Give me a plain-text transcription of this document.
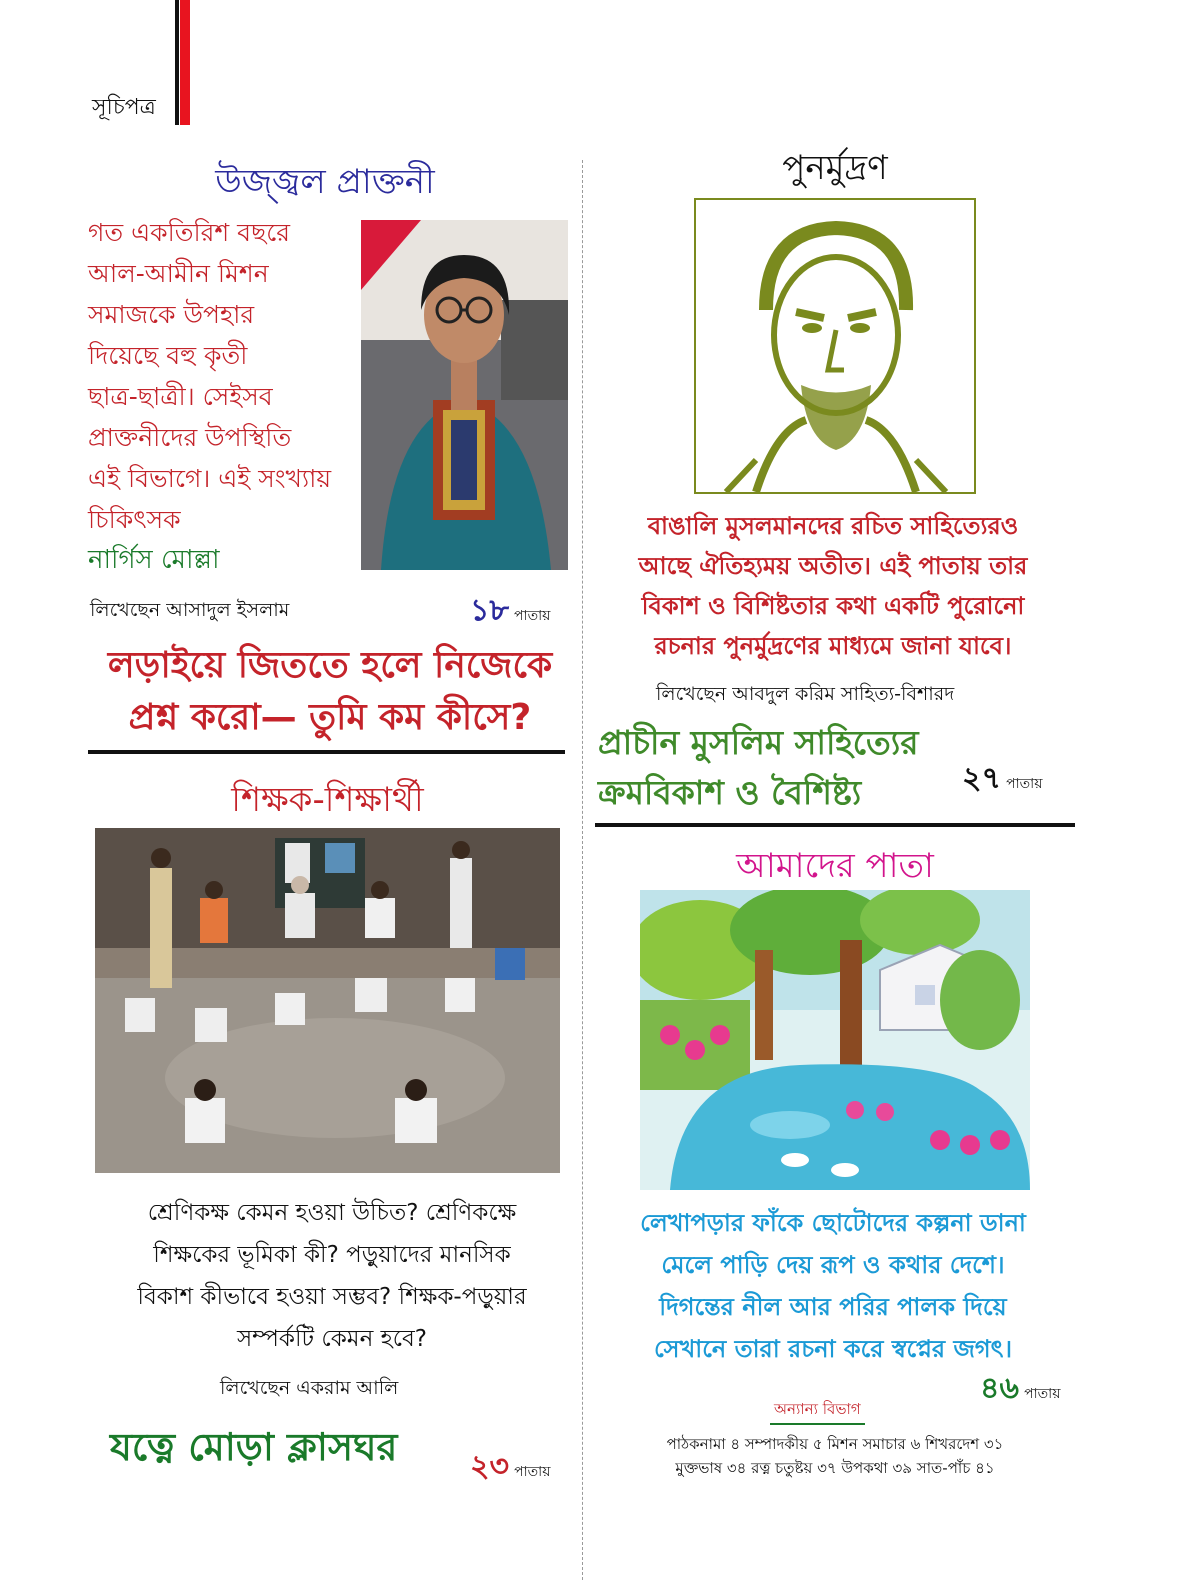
সূচিপত্র
উজ্জ্বল প্রাক্তনী
গত একতিরিশ বছরে
আল-আমীন মিশন
সমাজকে উপহার
দিয়েছে বহু কৃতী
ছাত্র-ছাত্রী। সেইসব
প্রাক্তনীদের উপস্থিতি
এই বিভাগে। এই সংখ্যায়
চিকিৎসক
নার্গিস মোল্লা
লিখেছেন আসাদুল ইসলাম	১৮ পাতায়
লড়াইয়ে জিততে হলে নিজেকে
প্রশ্ন করো— তুমি কম কীসে?
শিক্ষক-শিক্ষার্থী
শ্রেণিকক্ষ কেমন হওয়া উচিত? শ্রেণিকক্ষে
শিক্ষকের ভূমিকা কী? পড়ুয়াদের মানসিক
বিকাশ কীভাবে হওয়া সম্ভব? শিক্ষক-পড়ুয়ার
সম্পর্কটি কেমন হবে?
লিখেছেন একরাম আলি
যত্নে মোড়া ক্লাসঘর ২৩ পাতায়
পুনর্মুদ্রণ
বাঙালি মুসলমানদের রচিত সাহিত্যেরও
আছে ঐতিহ্যময় অতীত। এই পাতায় তার
বিকাশ ও বিশিষ্টতার কথা একটি পুরোনো
রচনার পুনর্মুদ্রণের মাধ্যমে জানা যাবে।
লিখেছেন আবদুল করিম সাহিত্য-বিশারদ
প্রাচীন মুসলিম সাহিত্যের
ক্রমবিকাশ ও বৈশিষ্ট্য	২৭ পাতায়
আমাদের পাতা
লেখাপড়ার ফাঁকে ছোটোদের কল্পনা ডানা
মেলে পাড়ি দেয় রূপ ও কথার দেশে।
দিগন্তের নীল আর পরির পালক দিয়ে
সেখানে তারা রচনা করে স্বপ্নের জগৎ।
৪৬ পাতায়
অন্যান্য বিভাগ
পাঠকনামা ৪ সম্পাদকীয় ৫ মিশন সমাচার ৬ শিখরদেশ ৩১
মুক্তভাষ ৩৪ রত্ন চতুষ্টয় ৩৭ উপকথা ৩৯ সাত-পাঁচ ৪১
